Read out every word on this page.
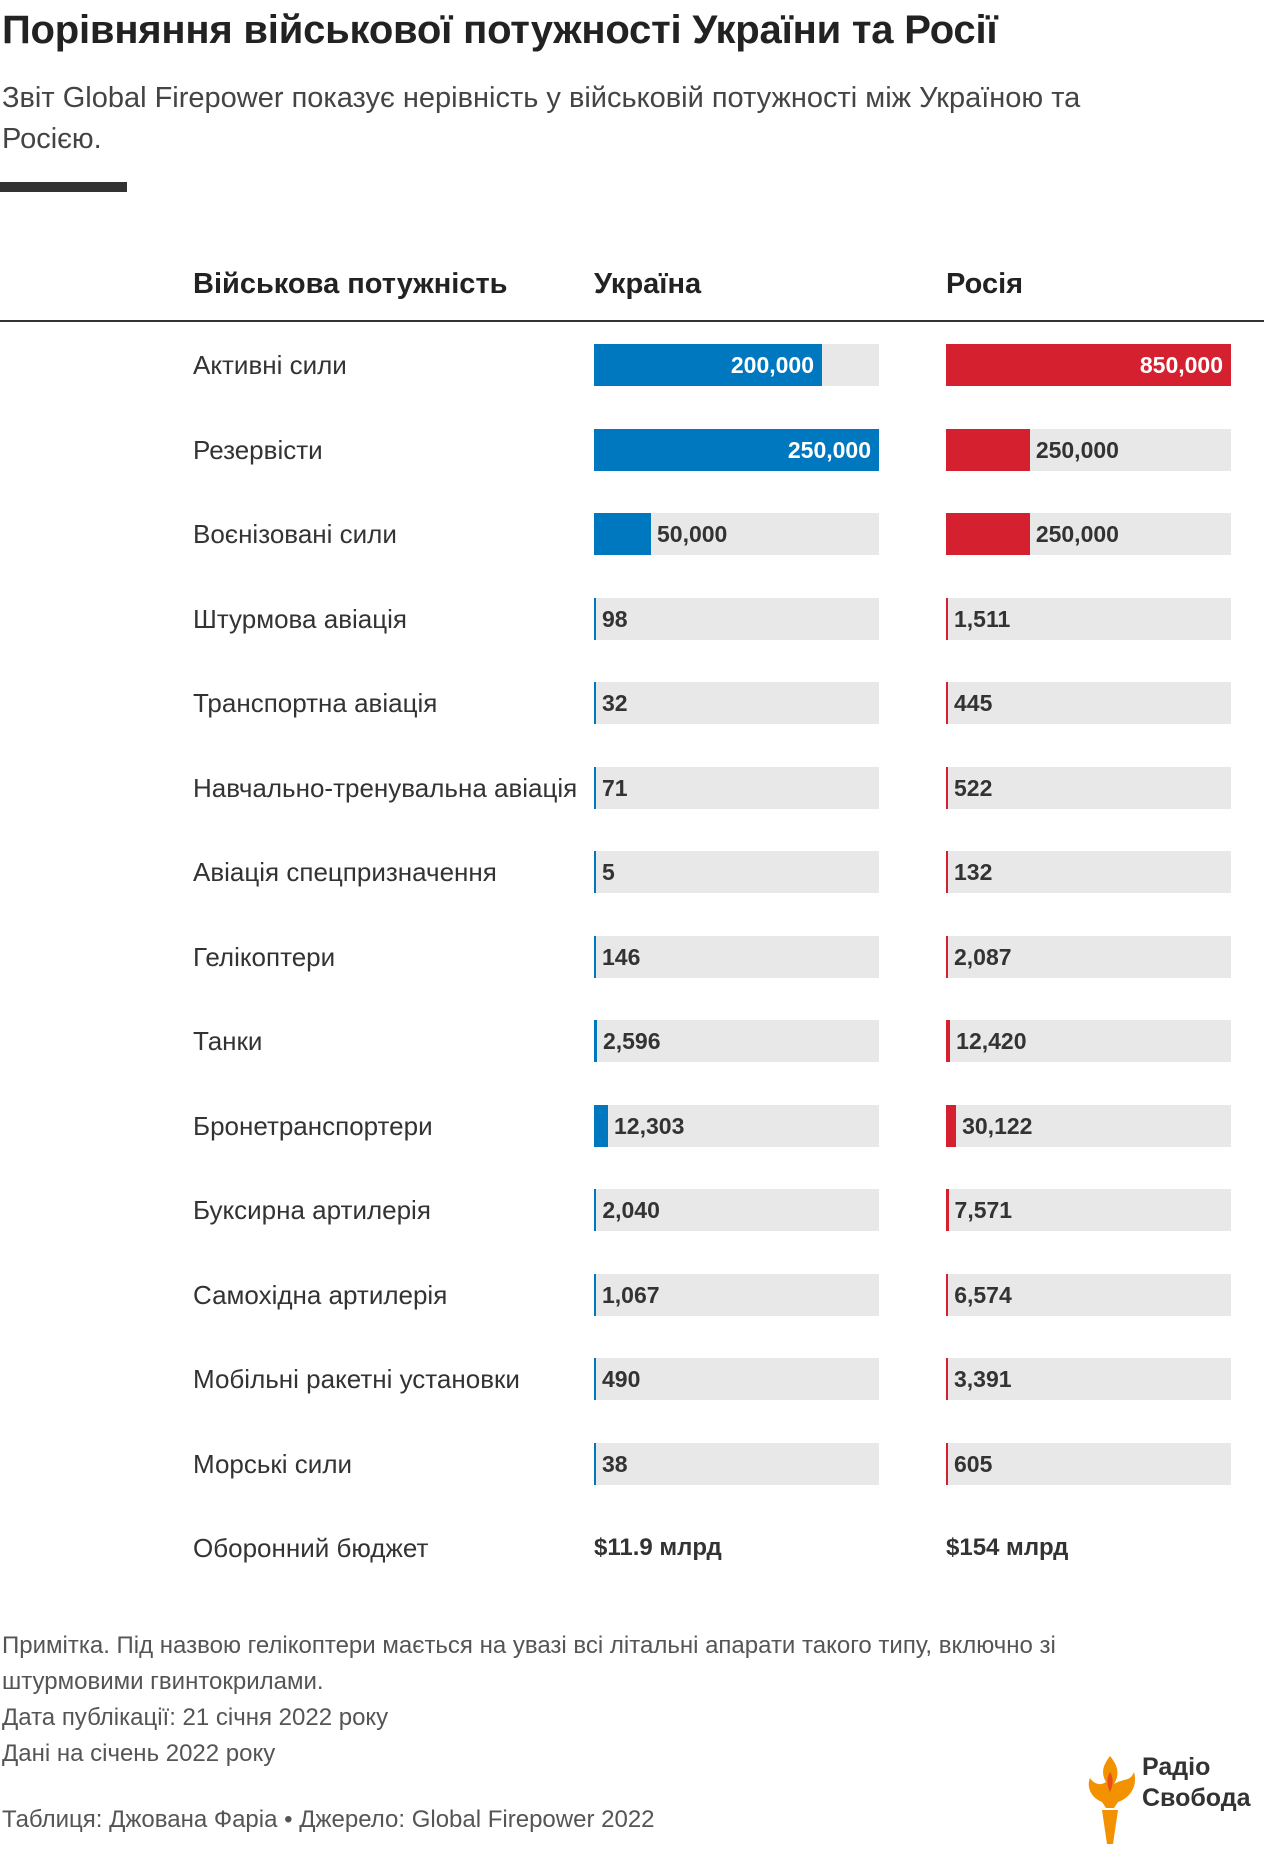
Порівняння військової потужності України та Росії
Звіт Global Firepower показує нерівність у військовій потужності між Україною та Росією.
Військова потужність	Україна	Росія
Активні сили	200,000	850,000
Резервісти	250,000	250,000
Воєнізовані сили	50,000	250,000
Штурмова авіація	98	1,511
Транспортна авіація	32	445
Навчально-тренувальна авіація 71	522
Авіація спецпризначення	5	132
Гелікоптери	146	2,087
Танки	2,596	12,420
Бронетранспортери	12,303	30,122
Буксирна артилерія	2,040	7,571
Самохідна артилерія	1,067	6,574
Мобільні ракетні установки	490	3,391
Морські сили	38	605
Оборонний бюджет	$11.9 млрд	$154 млрд
Примітка. Під назвою гелікоптери мається на увазі всі літальні апарати такого типу, включно зі штурмовими гвинтокрилами.
Дата публікації: 21 січня 2022 року
Дані на січень 2022 року
Таблиця: Джована Фаріа • Джерело: Global Firepower 2022
Радіо
Свобода
